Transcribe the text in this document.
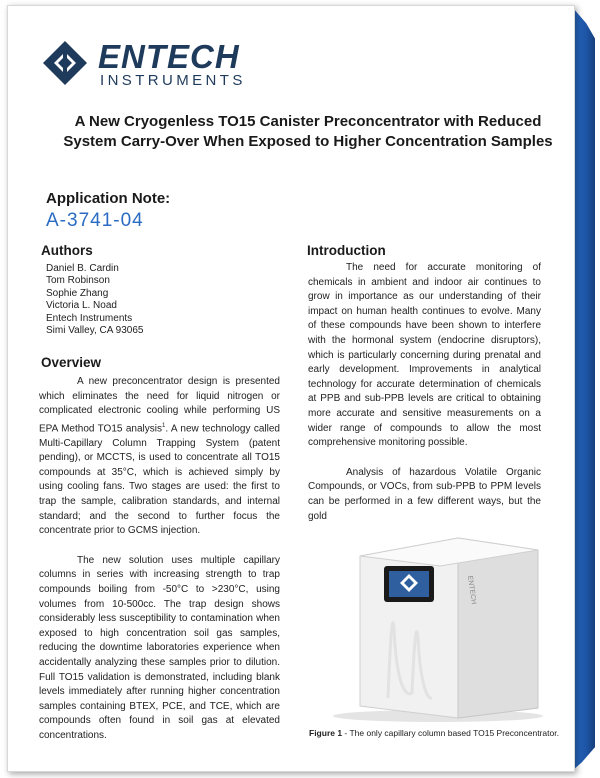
ENTECH
INSTRUMENTS
A New Cryogenless TO15 Canister Preconcentrator with Reduced
System Carry-Over When Exposed to Higher Concentration Samples
Application Note:
A-3741-04
Authors
Daniel B. Cardin
Tom Robinson
Sophie Zhang
Victoria L. Noad
Entech Instruments
Simi Valley, CA 93065
Overview

A new preconcentrator design is presented which eliminates the need for liquid nitrogen or complicated electronic cooling while performing US EPA Method TO15 analysis$^1$. A new technology called Multi-Capillary Column Trapping System (patent pending), or MCCTS, is used to concentrate all TO15 compounds at 35°C, which is achieved simply by using cooling fans. Two stages are used: the first to trap the sample, calibration standards, and internal standard; and the second to further focus the concentrate prior to GCMS injection.

The new solution uses multiple capillary columns in series with increasing strength to trap compounds boiling from -50°C to >230°C, using volumes from 10-500cc. The trap design shows considerably less susceptibility to contamination when exposed to high concentration soil gas samples, reducing the downtime laboratories experience when accidentally analyzing these samples prior to dilution. Full TO15 validation is demonstrated, including blank levels immediately after running higher concentration samples containing BTEX, PCE, and TCE, which are compounds often found in soil gas at elevated concentrations.

Introduction

The need for accurate monitoring of chemicals in ambient and indoor air continues to grow in importance as our understanding of their impact on human health continues to evolve. Many of these compounds have been shown to interfere with the hormonal system (endocrine disruptors), which is particularly concerning during prenatal and early development. Improvements in analytical technology for accurate determination of chemicals at PPB and sub-PPB levels are critical to obtaining more accurate and sensitive measurements on a wider range of compounds to allow the most comprehensive monitoring possible.

Analysis of hazardous Volatile Organic Compounds, or VOCs, from sub-PPB to PPM levels can be performed in a few different ways, but the gold

ENTECH
Figure 1 - The only capillary column based TO15 Preconcentrator.
